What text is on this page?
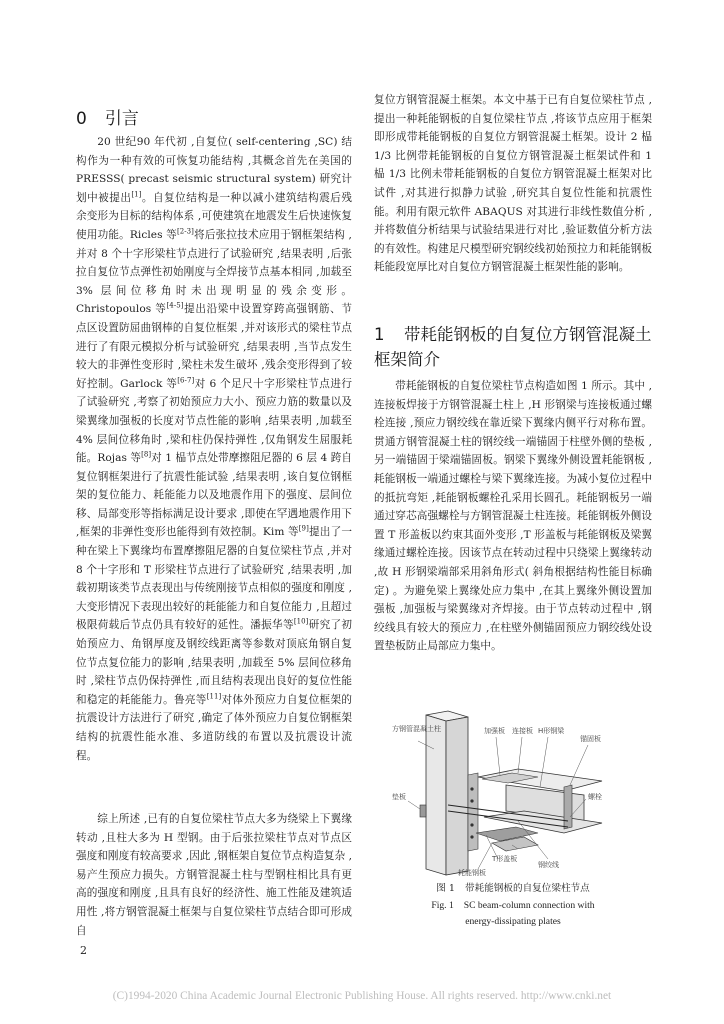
0 引言

20 世纪90 年代初 ,自复位( self-centering ,SC) 结构作为一种有效的可恢复功能结构 ,其概念首先在美国的PRESSS( precast seismic structural system) 研究计划中被提出[1]。自复位结构是一种以减小建筑结构震后残余变形为目标的结构体系 ,可使建筑在地震发生后快速恢复使用功能。Ricles 等[2-3]将后张拉技术应用于钢框架结构 ,并对 8 个十字形梁柱节点进行了试验研究 ,结果表明 ,后张拉自复位节点弹性初始刚度与全焊接节点基本相同 ,加载至 3% 层间位移角时未出现明显的残余变形。Christopoulos 等[4-5]提出沿梁中设置穿跨高强钢筋、节点区设置防屈曲钢棒的自复位框架 ,并对该形式的梁柱节点进行了有限元模拟分析与试验研究 ,结果表明 ,当节点发生较大的非弹性变形时 ,梁柱未发生破坏 ,残余变形得到了较好控制。Garlock 等[6-7]对 6 个足尺十字形梁柱节点进行了试验研究 ,考察了初始预应力大小、预应力筋的数量以及梁翼缘加强板的长度对节点性能的影响 ,结果表明 ,加载至 4% 层间位移角时 ,梁和柱仍保持弹性 ,仅角钢发生屈服耗能。Rojas 等[8]对 1 榀节点处带摩擦阻尼器的 6 层 4 跨自复位钢框架进行了抗震性能试验 ,结果表明 ,该自复位钢框架的复位能力、耗能能力以及地震作用下的强度、层间位移、局部变形等指标满足设计要求 ,即使在罕遇地震作用下 ,框架的非弹性变形也能得到有效控制。Kim 等[9]提出了一种在梁上下翼缘均布置摩擦阻尼器的自复位梁柱节点 ,并对 8 个十字形和 T 形梁柱节点进行了试验研究 ,结果表明 ,加载初期该类节点表现出与传统刚接节点相似的强度和刚度 ,大变形情况下表现出较好的耗能能力和自复位能力 ,且超过极限荷载后节点仍具有较好的延性。潘振华等[10]研究了初始预应力、角钢厚度及钢绞线距离等参数对顶底角钢自复位节点复位能力的影响 ,结果表明 ,加载至 5% 层间位移角时 ,梁柱节点仍保持弹性 ,而且结构表现出良好的复位性能和稳定的耗能能力。鲁亮等[11]对体外预应力自复位框架的抗震设计方法进行了研究 ,确定了体外预应力自复位钢框架结构的抗震性能水准、多道防线的布置以及抗震设计流程。

综上所述 ,已有的自复位梁柱节点大多为绕梁上下翼缘转动 ,且柱大多为 H 型钢。由于后张拉梁柱节点对节点区强度和刚度有较高要求 ,因此 ,钢框架自复位节点构造复杂 ,易产生预应力损失。方钢管混凝土柱与型钢柱相比具有更高的强度和刚度 ,且具有良好的经济性、施工性能及建筑适用性 ,将方钢管混凝土框架与自复位梁柱节点结合即可形成自

复位方钢管混凝土框架。本文中基于已有自复位梁柱节点 ,提出一种耗能钢板的自复位梁柱节点 ,将该节点应用于框架即形成带耗能钢板的自复位方钢管混凝土框架。设计 2 榀 1/3 比例带耗能钢板的自复位方钢管混凝土框架试件和 1 榀 1/3 比例未带耗能钢板的自复位方钢管混凝土框架对比试件 ,对其进行拟静力试验 ,研究其自复位性能和抗震性能。利用有限元软件 ABAQUS 对其进行非线性数值分析 ,并将数值分析结果与试验结果进行对比 ,验证数值分析方法的有效性。构建足尺模型研究钢绞线初始预拉力和耗能钢板耗能段宽厚比对自复位方钢管混凝土框架性能的影响。

1 带耗能钢板的自复位方钢管混凝土框架简介

带耗能钢板的自复位梁柱节点构造如图 1 所示。其中 ,连接板焊接于方钢管混凝土柱上 ,H 形钢梁与连接板通过螺栓连接 ,预应力钢绞线在靠近梁下翼缘内侧平行对称布置。贯通方钢管混凝土柱的钢绞线一端锚固于柱壁外侧的垫板 ,另一端锚固于梁端锚固板。钢梁下翼缘外侧设置耗能钢板 ,耗能钢板一端通过螺栓与梁下翼缘连接。为减小复位过程中的抵抗弯矩 ,耗能钢板螺栓孔采用长圆孔。耗能钢板另一端通过穿芯高强螺栓与方钢管混凝土柱连接。耗能钢板外侧设置 T 形盖板以约束其面外变形 ,T 形盖板与耗能钢板及梁翼缘通过螺栓连接。因该节点在转动过程中只绕梁上翼缘转动 ,故 H 形钢梁端部采用斜角形式( 斜角根据结构性能目标确定) 。为避免梁上翼缘处应力集中 ,在其上翼缘外侧设置加强板 ,加强板与梁翼缘对齐焊接。由于节点转动过程中 ,钢绞线具有较大的预应力 ,在柱壁外侧锚固预应力钢绞线处设置垫板防止局部应力集中。

方钢管混凝土柱	加强板 连接板 H形钢梁
锚固板
垫板	螺栓
钢绞线
T形盖板
耗能钢板
图 1 带耗能钢板的自复位梁柱节点
Fig. 1 SC beam-column connection with
energy-dissipating plates
2
(C)1994-2020 China Academic Journal Electronic Publishing House. All rights reserved. http://www.cnki.net
